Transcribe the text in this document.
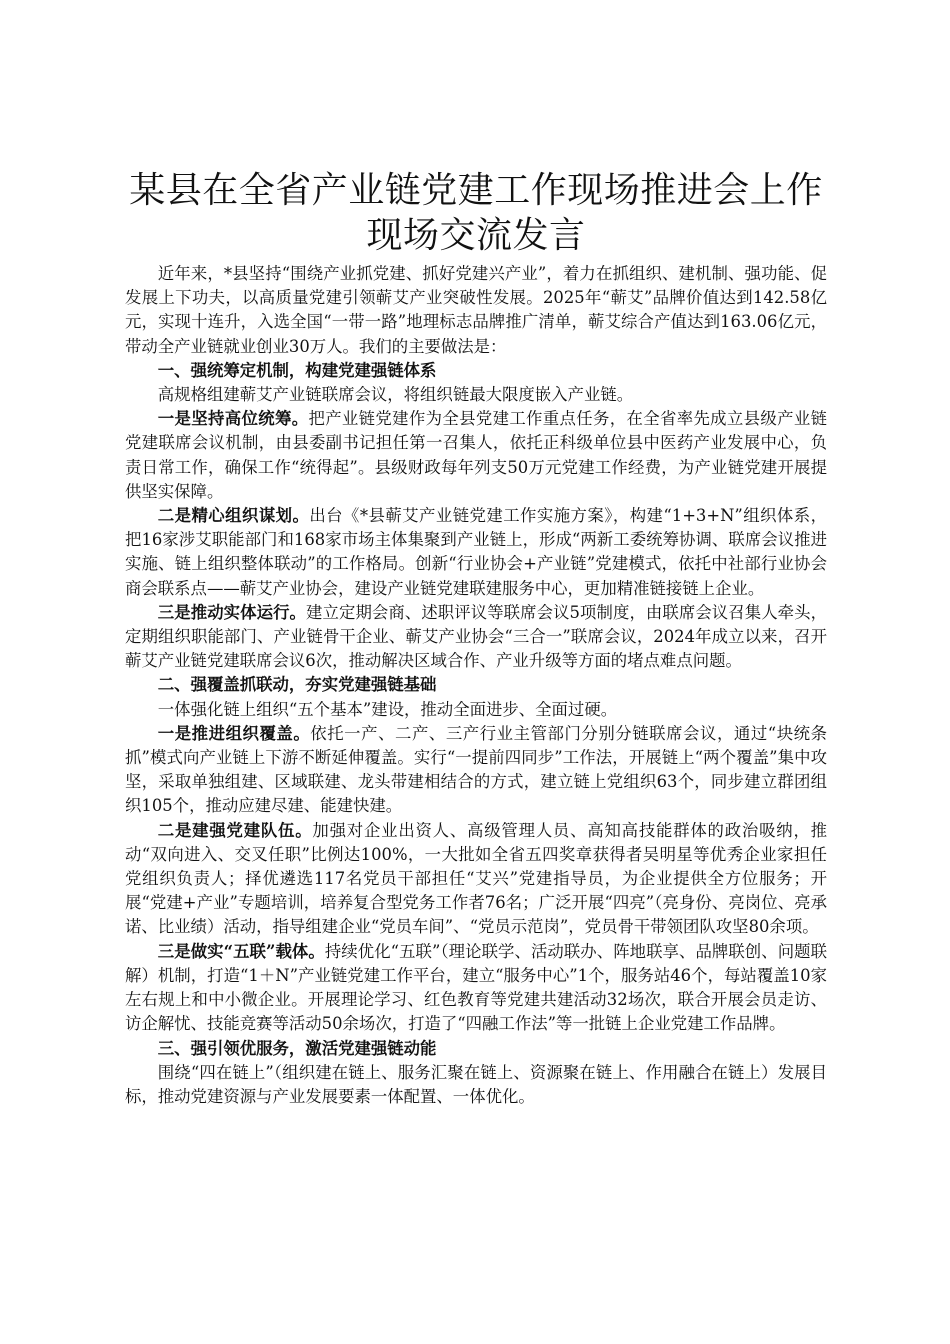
某县在全省产业链党建工作现场推进会上作现场交流发言

近年来，*县坚持“围绕产业抓党建、抓好党建兴产业”，着力在抓组织、建机制、强功能、促发展上下功夫，以高质量党建引领蕲艾产业突破性发展。2025年“蕲艾”品牌价值达到142.58亿元，实现十连升，入选全国“一带一路”地理标志品牌推广清单，蕲艾综合产值达到163.06亿元，带动全产业链就业创业30万人。我们的主要做法是：

一、强统筹定机制，构建党建强链体系

高规格组建蕲艾产业链联席会议，将组织链最大限度嵌入产业链。

一是坚持高位统筹。把产业链党建作为全县党建工作重点任务，在全省率先成立县级产业链党建联席会议机制，由县委副书记担任第一召集人，依托正科级单位县中医药产业发展中心，负责日常工作，确保工作“统得起”。县级财政每年列支50万元党建工作经费，为产业链党建开展提供坚实保障。

二是精心组织谋划。出台《*县蕲艾产业链党建工作实施方案》，构建“1+3+N”组织体系，把16家涉艾职能部门和168家市场主体集聚到产业链上，形成“两新工委统筹协调、联席会议推进实施、链上组织整体联动”的工作格局。创新“行业协会+产业链”党建模式，依托中社部行业协会商会联系点——蕲艾产业协会，建设产业链党建联建服务中心，更加精准链接链上企业。

三是推动实体运行。建立定期会商、述职评议等联席会议5项制度，由联席会议召集人牵头，定期组织职能部门、产业链骨干企业、蕲艾产业协会“三合一”联席会议，2024年成立以来，召开蕲艾产业链党建联席会议6次，推动解决区域合作、产业升级等方面的堵点难点问题。

二、强覆盖抓联动，夯实党建强链基础

一体强化链上组织“五个基本”建设，推动全面进步、全面过硬。

一是推进组织覆盖。依托一产、二产、三产行业主管部门分别分链联席会议，通过“块统条抓”模式向产业链上下游不断延伸覆盖。实行“一提前四同步”工作法，开展链上“两个覆盖”集中攻坚，采取单独组建、区域联建、龙头带建相结合的方式，建立链上党组织63个，同步建立群团组织105个，推动应建尽建、能建快建。

二是建强党建队伍。加强对企业出资人、高级管理人员、高知高技能群体的政治吸纳，推动“双向进入、交叉任职”比例达100%，一大批如全省五四奖章获得者吴明星等优秀企业家担任党组织负责人；择优遴选117名党员干部担任“艾兴”党建指导员，为企业提供全方位服务；开展“党建+产业”专题培训，培养复合型党务工作者76名；广泛开展“四亮”（亮身份、亮岗位、亮承诺、比业绩）活动，指导组建企业“党员车间”、“党员示范岗”，党员骨干带领团队攻坚80余项。

三是做实“五联”载体。持续优化“五联”（理论联学、活动联办、阵地联享、品牌联创、问题联解）机制，打造“1＋N”产业链党建工作平台，建立“服务中心”1个，服务站46个，每站覆盖10家左右规上和中小微企业。开展理论学习、红色教育等党建共建活动32场次，联合开展会员走访、访企解忧、技能竞赛等活动50余场次，打造了“四融工作法”等一批链上企业党建工作品牌。

三、强引领优服务，激活党建强链动能

围绕“四在链上”（组织建在链上、服务汇聚在链上、资源聚在链上、作用融合在链上）发展目标，推动党建资源与产业发展要素一体配置、一体优化。
